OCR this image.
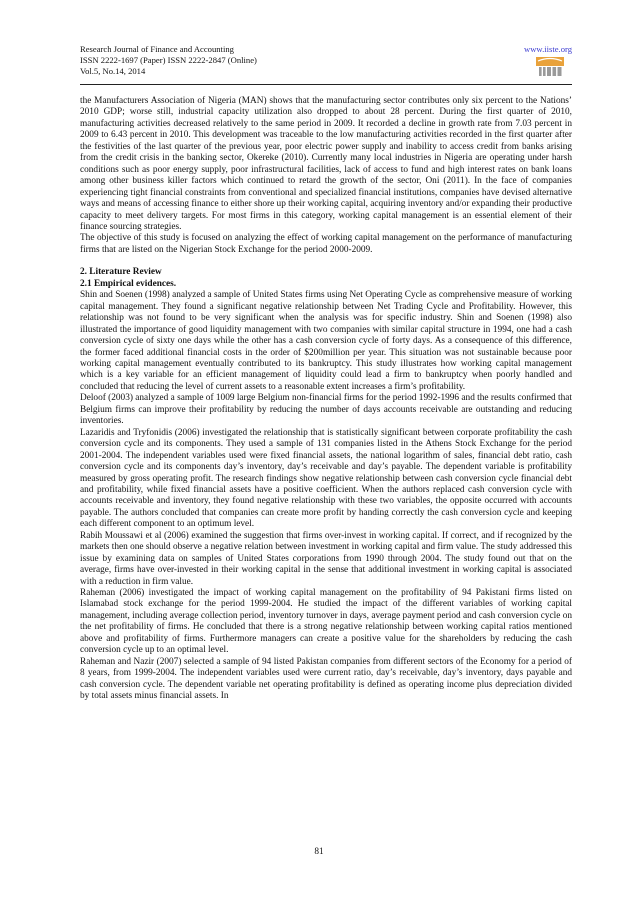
Research Journal of Finance and Accounting
ISSN 2222-1697 (Paper) ISSN 2222-2847 (Online)
Vol.5, No.14, 2014
www.iiste.org

the Manufacturers Association of Nigeria (MAN) shows that the manufacturing sector contributes only six percent to the Nations’ 2010 GDP; worse still, industrial capacity utilization also dropped to about 28 percent. During the first quarter of 2010, manufacturing activities decreased relatively to the same period in 2009. It recorded a decline in growth rate from 7.03 percent in 2009 to 6.43 percent in 2010. This development was traceable to the low manufacturing activities recorded in the first quarter after the festivities of the last quarter of the previous year, poor electric power supply and inability to access credit from banks arising from the credit crisis in the banking sector, Okereke (2010). Currently many local industries in Nigeria are operating under harsh conditions such as poor energy supply, poor infrastructural facilities, lack of access to fund and high interest rates on bank loans among other business killer factors which continued to retard the growth of the sector, Oni (2011). In the face of companies experiencing tight financial constraints from conventional and specialized financial institutions, companies have devised alternative ways and means of accessing finance to either shore up their working capital, acquiring inventory and/or expanding their productive capacity to meet delivery targets. For most firms in this category, working capital management is an essential element of their finance sourcing strategies.

The objective of this study is focused on analyzing the effect of working capital management on the performance of manufacturing firms that are listed on the Nigerian Stock Exchange for the period 2000-2009.

2. Literature Review
2.1 Empirical evidences.

Shin and Soenen (1998) analyzed a sample of United States firms using Net Operating Cycle as comprehensive measure of working capital management. They found a significant negative relationship between Net Trading Cycle and Profitability. However, this relationship was not found to be very significant when the analysis was for specific industry. Shin and Soenen (1998) also illustrated the importance of good liquidity management with two companies with similar capital structure in 1994, one had a cash conversion cycle of sixty one days while the other has a cash conversion cycle of forty days. As a consequence of this difference, the former faced additional financial costs in the order of $200million per year. This situation was not sustainable because poor working capital management eventually contributed to its bankruptcy. This study illustrates how working capital management which is a key variable for an efficient management of liquidity could lead a firm to bankruptcy when poorly handled and concluded that reducing the level of current assets to a reasonable extent increases a firm’s profitability.

Deloof (2003) analyzed a sample of 1009 large Belgium non-financial firms for the period 1992-1996 and the results confirmed that Belgium firms can improve their profitability by reducing the number of days accounts receivable are outstanding and reducing inventories.

Lazaridis and Tryfonidis (2006) investigated the relationship that is statistically significant between corporate profitability the cash conversion cycle and its components. They used a sample of 131 companies listed in the Athens Stock Exchange for the period 2001-2004. The independent variables used were fixed financial assets, the national logarithm of sales, financial debt ratio, cash conversion cycle and its components day’s inventory, day’s receivable and day’s payable. The dependent variable is profitability measured by gross operating profit. The research findings show negative relationship between cash conversion cycle financial debt and profitability, while fixed financial assets have a positive coefficient. When the authors replaced cash conversion cycle with accounts receivable and inventory, they found negative relationship with these two variables, the opposite occurred with accounts payable. The authors concluded that companies can create more profit by handing correctly the cash conversion cycle and keeping each different component to an optimum level.

Rabih Moussawi et al (2006) examined the suggestion that firms over-invest in working capital. If correct, and if recognized by the markets then one should observe a negative relation between investment in working capital and firm value. The study addressed this issue by examining data on samples of United States corporations from 1990 through 2004. The study found out that on the average, firms have over-invested in their working capital in the sense that additional investment in working capital is associated with a reduction in firm value.

Raheman (2006) investigated the impact of working capital management on the profitability of 94 Pakistani firms listed on Islamabad stock exchange for the period 1999-2004. He studied the impact of the different variables of working capital management, including average collection period, inventory turnover in days, average payment period and cash conversion cycle on the net profitability of firms. He concluded that there is a strong negative relationship between working capital ratios mentioned above and profitability of firms. Furthermore managers can create a positive value for the shareholders by reducing the cash conversion cycle up to an optimal level.

Raheman and Nazir (2007) selected a sample of 94 listed Pakistan companies from different sectors of the Economy for a period of 8 years, from 1999-2004. The independent variables used were current ratio, day’s receivable, day’s inventory, days payable and cash conversion cycle. The dependent variable net operating profitability is defined as operating income plus depreciation divided by total assets minus financial assets. In

81
